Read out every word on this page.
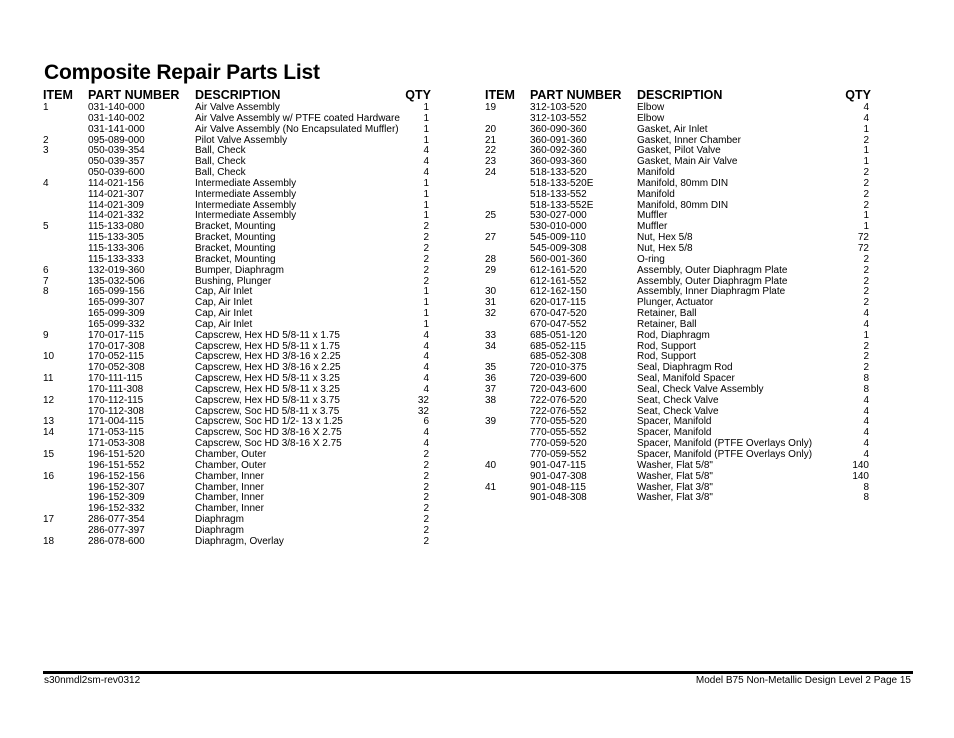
Composite Repair Parts List
ITEM PART NUMBER DESCRIPTION	QTY
1	031-140-000	Air Valve Assembly	1
031-140-002	Air Valve Assembly w/ PTFE coated Hardware 1
031-141-000	Air Valve Assembly (No Encapsulated Muffler) 1
2	095-089-000	Pilot Valve Assembly	1
3	050-039-354	Ball, Check	4
050-039-357	Ball, Check	4
050-039-600	Ball, Check	4
4	114-021-156	Intermediate Assembly	1
114-021-307	Intermediate Assembly	1
114-021-309	Intermediate Assembly	1
114-021-332	Intermediate Assembly	1
5	115-133-080	Bracket, Mounting	2
115-133-305	Bracket, Mounting	2
115-133-306	Bracket, Mounting	2
115-133-333	Bracket, Mounting	2
6	132-019-360	Bumper, Diaphragm	2
7	135-032-506	Bushing, Plunger	2
8	165-099-156	Cap, Air Inlet	1
165-099-307	Cap, Air Inlet	1
165-099-309	Cap, Air Inlet	1
165-099-332	Cap, Air Inlet	1
9	170-017-115	Capscrew, Hex HD 5/8-11 x 1.75	4
170-017-308	Capscrew, Hex HD 5/8-11 x 1.75	4
10	170-052-115	Capscrew, Hex HD 3/8-16 x 2.25	4
170-052-308	Capscrew, Hex HD 3/8-16 x 2.25	4
11	170-111-115	Capscrew, Hex HD 5/8-11 x 3.25	4
170-111-308	Capscrew, Hex HD 5/8-11 x 3.25	4
12	170-112-115	Capscrew, Hex HD 5/8-11 x 3.75	32
170-112-308	Capscrew, Soc HD 5/8-11 x 3.75	32
13	171-004-115	Capscrew, Soc HD 1/2- 13 x 1.25	6
14	171-053-115	Capscrew, Soc HD 3/8-16 X 2.75	4
171-053-308	Capscrew, Soc HD 3/8-16 X 2.75	4
15	196-151-520	Chamber, Outer	2
196-151-552	Chamber, Outer	2
16	196-152-156	Chamber, Inner	2
196-152-307	Chamber, Inner	2
196-152-309	Chamber, Inner	2
196-152-332	Chamber, Inner	2
17	286-077-354	Diaphragm	2
286-077-397	Diaphragm	2
18	286-078-600	Diaphragm, Overlay	2
ITEM PART NUMBER DESCRIPTION	QTY
19	312-103-520	Elbow	4
312-103-552	Elbow	4
20	360-090-360	Gasket, Air Inlet	1
21	360-091-360	Gasket, Inner Chamber	2
22	360-092-360	Gasket, Pilot Valve	1
23	360-093-360	Gasket, Main Air Valve	1
24	518-133-520	Manifold	2
518-133-520E	Manifold, 80mm DIN	2
518-133-552	Manifold	2
518-133-552E	Manifold, 80mm DIN	2
25	530-027-000	Muffler	1
530-010-000	Muffler	1
27	545-009-110	Nut, Hex 5/8	72
545-009-308	Nut, Hex 5/8	72
28	560-001-360	O-ring	2
29	612-161-520	Assembly, Outer Diaphragm Plate	2
612-161-552	Assembly, Outer Diaphragm Plate	2
30	612-162-150	Assembly, Inner Diaphragm Plate	2
31	620-017-115	Plunger, Actuator	2
32	670-047-520	Retainer, Ball	4
670-047-552	Retainer, Ball	4
33	685-051-120	Rod, Diaphragm	1
34	685-052-115	Rod, Support	2
685-052-308	Rod, Support	2
35	720-010-375	Seal, Diaphragm Rod	2
36	720-039-600	Seal, Manifold Spacer	8
37	720-043-600	Seal, Check Valve Assembly	8
38	722-076-520	Seat, Check Valve	4
722-076-552	Seat, Check Valve	4
39	770-055-520	Spacer, Manifold	4
770-055-552	Spacer, Manifold	4
770-059-520	Spacer, Manifold (PTFE Overlays Only)	4
770-059-552	Spacer, Manifold (PTFE Overlays Only)	4
40	901-047-115	Washer, Flat 5/8"	140
901-047-308	Washer, Flat 5/8"	140
41	901-048-115	Washer, Flat 3/8"	8
901-048-308	Washer, Flat 3/8"	8
s30nmdl2sm-rev0312	Model B75 Non-Metallic Design Level 2 Page 15
